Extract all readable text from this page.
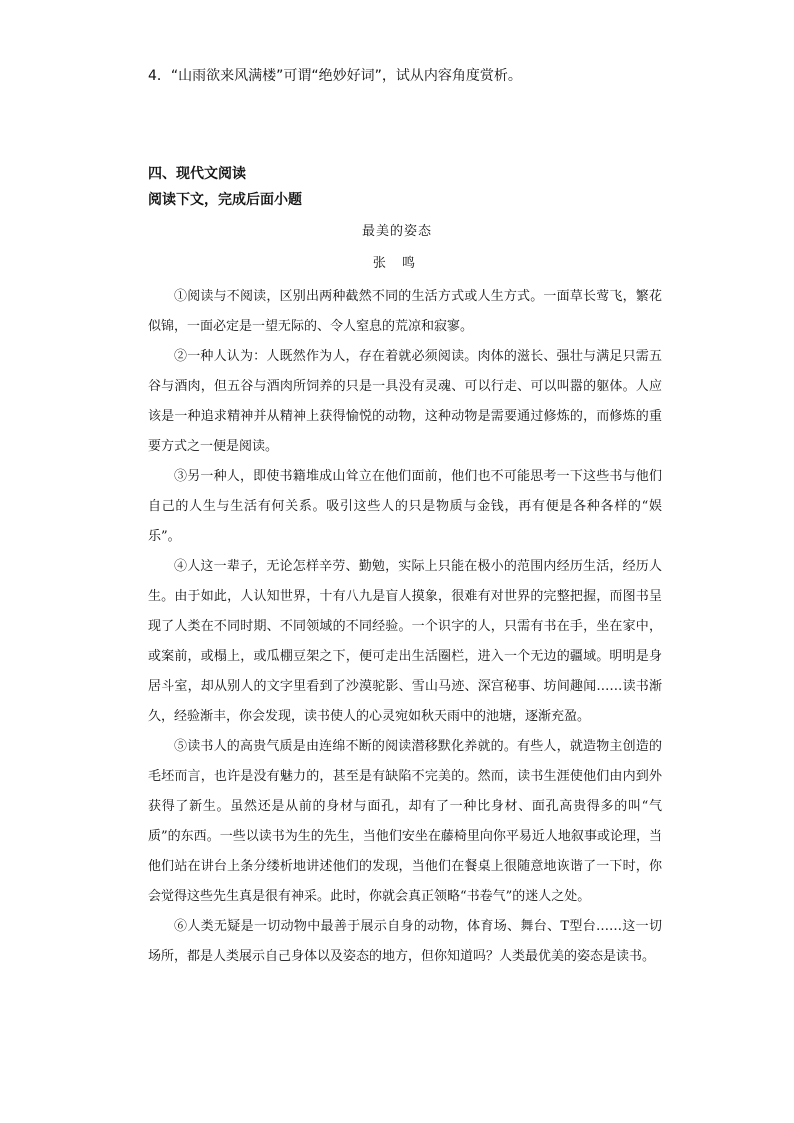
4．“山雨欲来风满楼”可谓“绝妙好词”，试从内容角度赏析。
四、现代文阅读
阅读下文，完成后面小题
最美的姿态
张 鸣

①阅读与不阅读，区别出两种截然不同的生活方式或人生方式。一面草长莺飞，繁花似锦，一面必定是一望无际的、令人窒息的荒凉和寂寥。

②一种人认为：人既然作为人，存在着就必须阅读。肉体的滋长、强壮与满足只需五谷与酒肉，但五谷与酒肉所饲养的只是一具没有灵魂、可以行走、可以叫嚣的躯体。人应该是一种追求精神并从精神上获得愉悦的动物，这种动物是需要通过修炼的，而修炼的重要方式之一便是阅读。

③另一种人，即使书籍堆成山耸立在他们面前，他们也不可能思考一下这些书与他们自己的人生与生活有何关系。吸引这些人的只是物质与金钱，再有便是各种各样的“娱乐”。

④人这一辈子，无论怎样辛劳、勤勉，实际上只能在极小的范围内经历生活，经历人生。由于如此，人认知世界，十有八九是盲人摸象，很难有对世界的完整把握，而图书呈现了人类在不同时期、不同领域的不同经验。一个识字的人，只需有书在手，坐在家中，或案前，或榻上，或瓜棚豆架之下，便可走出生活圈栏，进入一个无边的疆域。明明是身居斗室，却从别人的文字里看到了沙漠驼影、雪山马迹、深宫秘事、坊间趣闻……读书渐久，经验渐丰，你会发现，读书使人的心灵宛如秋天雨中的池塘，逐渐充盈。

⑤读书人的高贵气质是由连绵不断的阅读潜移默化养就的。有些人，就造物主创造的毛坯而言，也许是没有魅力的，甚至是有缺陷不完美的。然而，读书生涯使他们由内到外获得了新生。虽然还是从前的身材与面孔，却有了一种比身材、面孔高贵得多的叫“气质”的东西。一些以读书为生的先生，当他们安坐在藤椅里向你平易近人地叙事或论理，当他们站在讲台上条分缕析地讲述他们的发现，当他们在餐桌上很随意地诙谐了一下时，你会觉得这些先生真是很有神采。此时，你就会真正领略“书卷气”的迷人之处。

⑥人类无疑是一切动物中最善于展示自身的动物，体育场、舞台、T型台……这一切场所，都是人类展示自己身体以及姿态的地方，但你知道吗？人类最优美的姿态是读书。
